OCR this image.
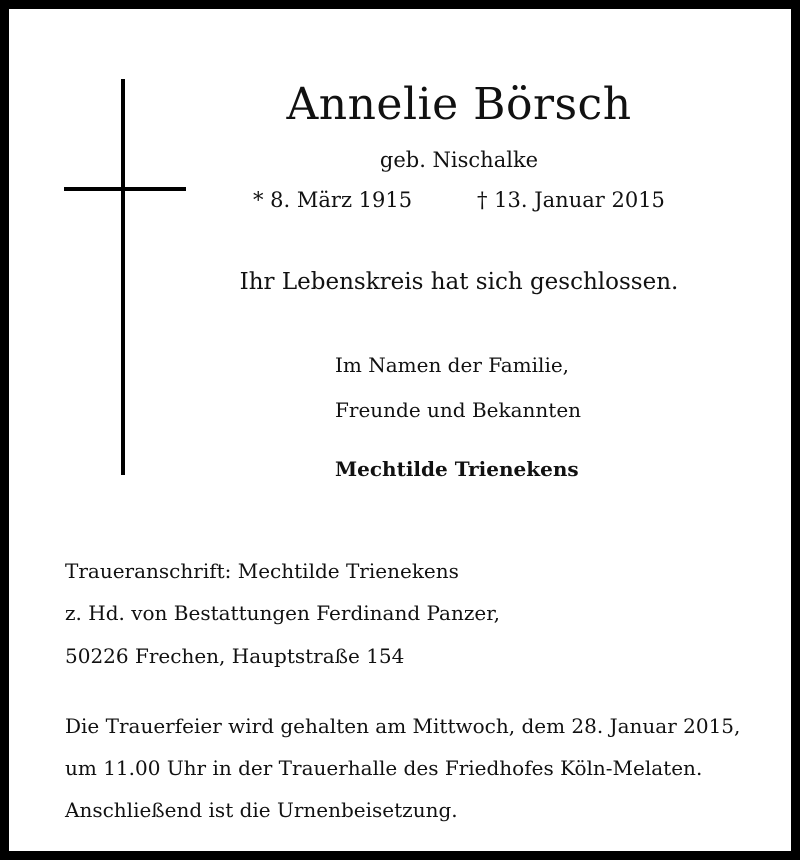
Annelie Börsch
geb. Nischalke
* 8. März 1915	† 13. Januar 2015
Ihr Lebenskreis hat sich geschlossen.
Im Namen der Familie,
Freunde und Bekannten
Mechtilde Trienekens
Traueranschrift: Mechtilde Trienekens
z. Hd. von Bestattungen Ferdinand Panzer,
50226 Frechen, Hauptstraße 154
Die Trauerfeier wird gehalten am Mittwoch, dem 28. Januar 2015,
um 11.00 Uhr in der Trauerhalle des Friedhofes Köln-Melaten.
Anschließend ist die Urnenbeisetzung.
